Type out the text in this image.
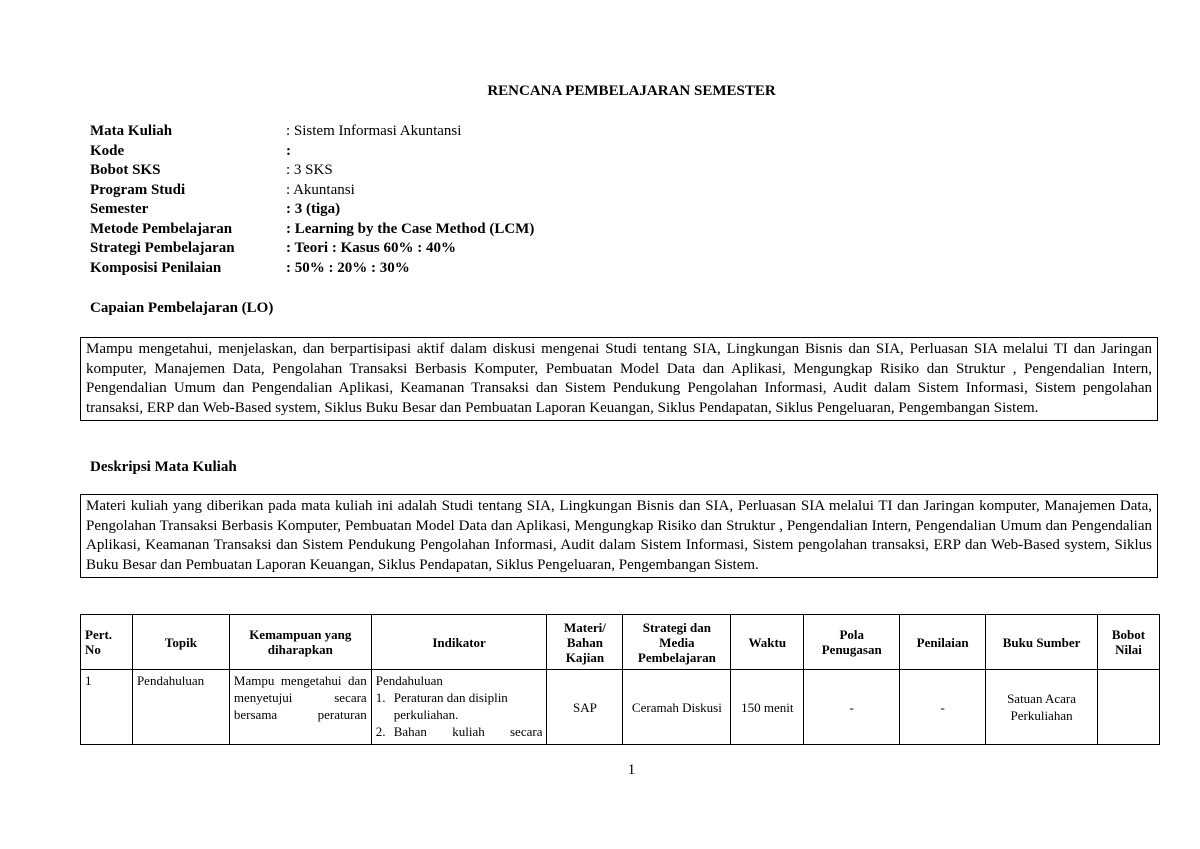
RENCANA PEMBELAJARAN SEMESTER
Mata Kuliah	: Sistem Informasi Akuntansi
Kode	:
Bobot SKS	: 3 SKS
Program Studi	: Akuntansi
Semester	: 3 (tiga)
Metode Pembelajaran	: Learning by the Case Method (LCM)
Strategi Pembelajaran	: Teori : Kasus 60% : 40%
Komposisi Penilaian	: 50% : 20% : 30%
Capaian Pembelajaran (LO)
Mampu mengetahui, menjelaskan, dan berpartisipasi aktif dalam diskusi mengenai Studi tentang SIA, Lingkungan Bisnis dan SIA, Perluasan SIA melalui TI dan Jaringan komputer, Manajemen Data, Pengolahan Transaksi Berbasis Komputer, Pembuatan Model Data dan Aplikasi, Mengungkap Risiko dan Struktur , Pengendalian Intern, Pengendalian Umum dan Pengendalian Aplikasi, Keamanan Transaksi dan Sistem Pendukung Pengolahan Informasi, Audit dalam Sistem Informasi, Sistem pengolahan transaksi, ERP dan Web-Based system, Siklus Buku Besar dan Pembuatan Laporan Keuangan, Siklus Pendapatan, Siklus Pengeluaran, Pengembangan Sistem.
Deskripsi Mata Kuliah
Materi kuliah yang diberikan pada mata kuliah ini adalah Studi tentang SIA, Lingkungan Bisnis dan SIA, Perluasan SIA melalui TI dan Jaringan komputer, Manajemen Data, Pengolahan Transaksi Berbasis Komputer, Pembuatan Model Data dan Aplikasi, Mengungkap Risiko dan Struktur , Pengendalian Intern, Pengendalian Umum dan Pengendalian Aplikasi, Keamanan Transaksi dan Sistem Pendukung Pengolahan Informasi, Audit dalam Sistem Informasi, Sistem pengolahan transaksi, ERP dan Web-Based system, Siklus Buku Besar dan Pembuatan Laporan Keuangan, Siklus Pendapatan, Siklus Pengeluaran, Pengembangan Sistem.
Pert. No	Topik	Kemampuan yang diharapkan	Indikator	Materi/ Bahan Kajian	Strategi dan Media Pembelajaran	Waktu	Pola Penugasan	Penilaian	Buku Sumber	Bobot Nilai
1	Pendahuluan	Mampu mengetahui dan menyetujui secara bersama peraturan	Pendahuluan
1. Peraturan dan disiplin perkuliahan.
2. Bahan kuliah secara	SAP	Ceramah Diskusi	150 menit	-	-	Satuan Acara Perkuliahan	
1
